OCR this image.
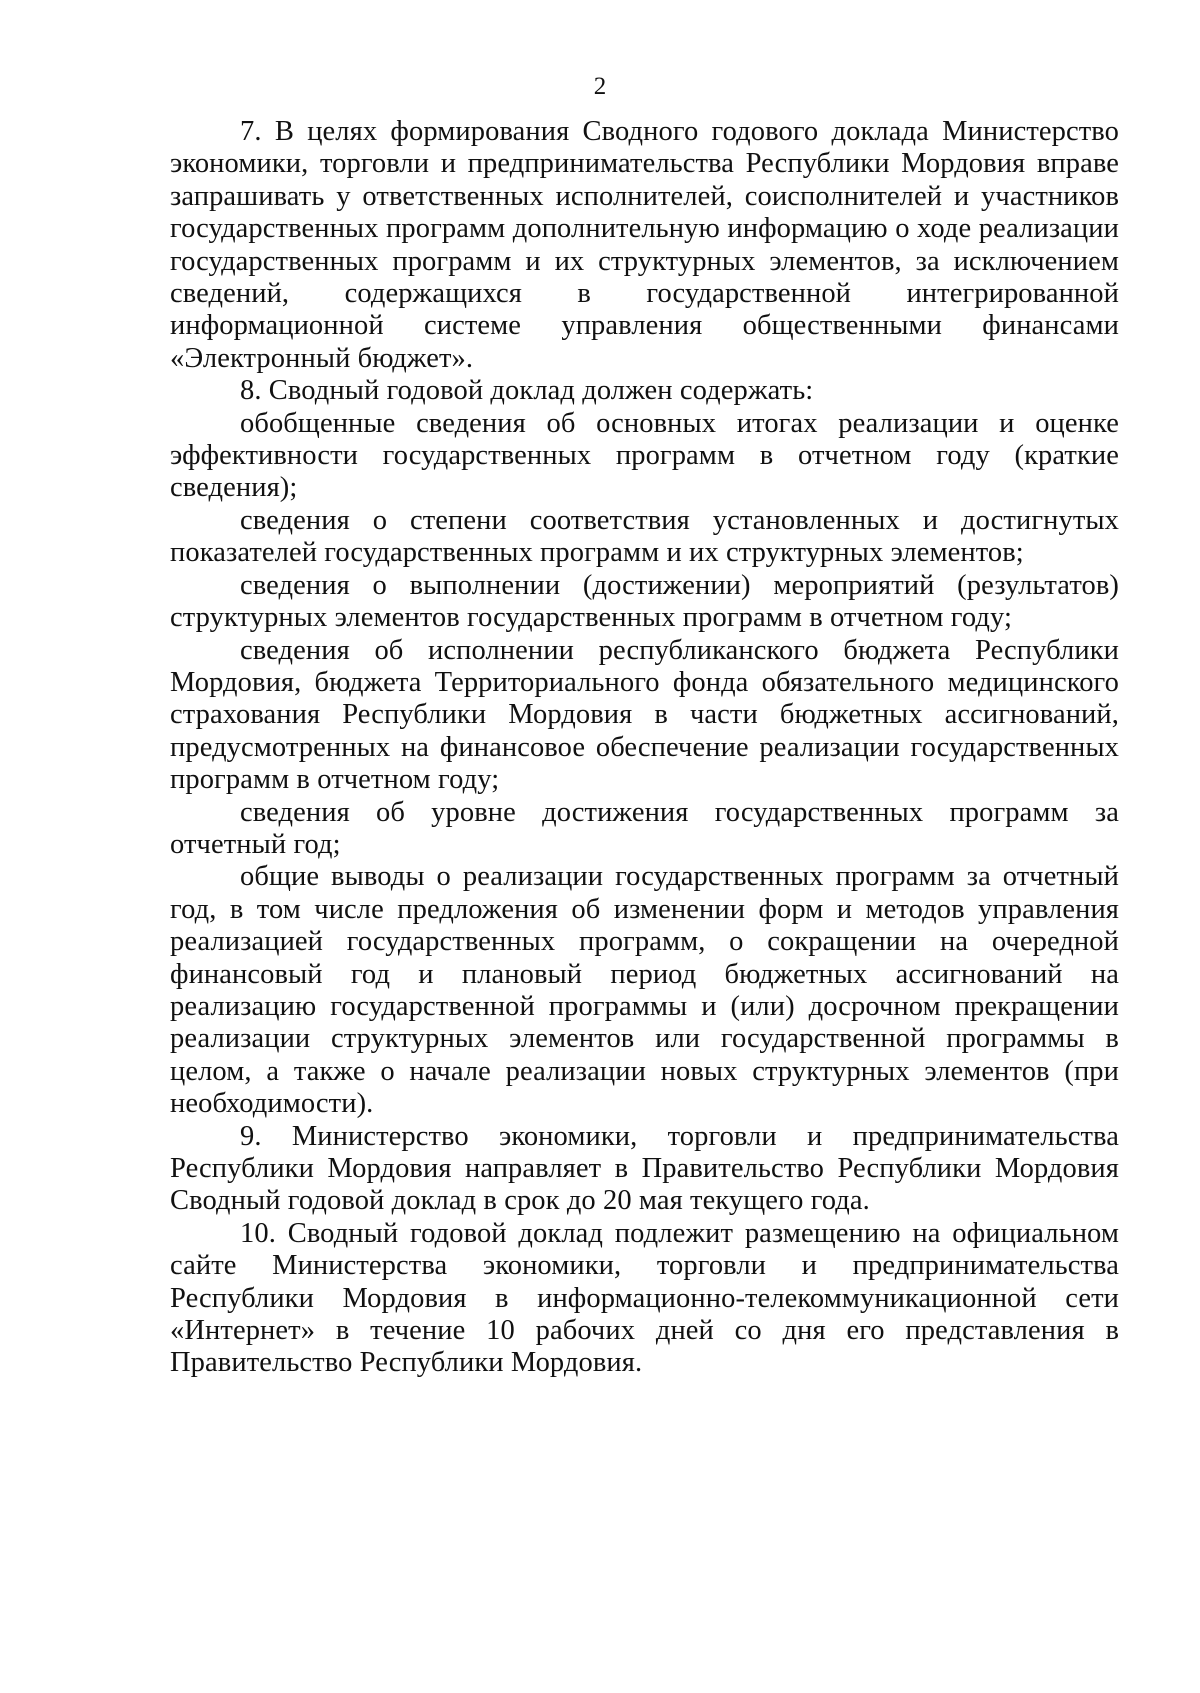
2

7. В целях формирования Сводного годового доклада Министерство экономики, торговли и предпринимательства Республики Мордовия вправе запрашивать у ответственных исполнителей, соисполнителей и участников государственных программ дополнительную информацию о ходе реализации государственных программ и их структурных элементов, за исключением сведений, содержащихся в государственной интегрированной информационной системе управления общественными финансами «Электронный бюджет».

8. Сводный годовой доклад должен содержать:

обобщенные сведения об основных итогах реализации и оценке эффективности государственных программ в отчетном году (краткие сведения);

сведения о степени соответствия установленных и достигнутых показателей государственных программ и их структурных элементов;

сведения о выполнении (достижении) мероприятий (результатов) структурных элементов государственных программ в отчетном году;

сведения об исполнении республиканского бюджета Республики Мордовия, бюджета Территориального фонда обязательного медицинского страхования Республики Мордовия в части бюджетных ассигнований, предусмотренных на финансовое обеспечение реализации государственных программ в отчетном году;

сведения об уровне достижения государственных программ за отчетный год;

общие выводы о реализации государственных программ за отчетный год, в том числе предложения об изменении форм и методов управления реализацией государственных программ, о сокращении на очередной финансовый год и плановый период бюджетных ассигнований на реализацию государственной программы и (или) досрочном прекращении реализации структурных элементов или государственной программы в целом, а также о начале реализации новых структурных элементов (при необходимости).

9. Министерство экономики, торговли и предпринимательства Республики Мордовия направляет в Правительство Республики Мордовия Сводный годовой доклад в срок до 20 мая текущего года.

10. Сводный годовой доклад подлежит размещению на официальном сайте Министерства экономики, торговли и предпринимательства Республики Мордовия в информационно-телекоммуникационной сети «Интернет» в течение 10 рабочих дней со дня его представления в Правительство Республики Мордовия.
